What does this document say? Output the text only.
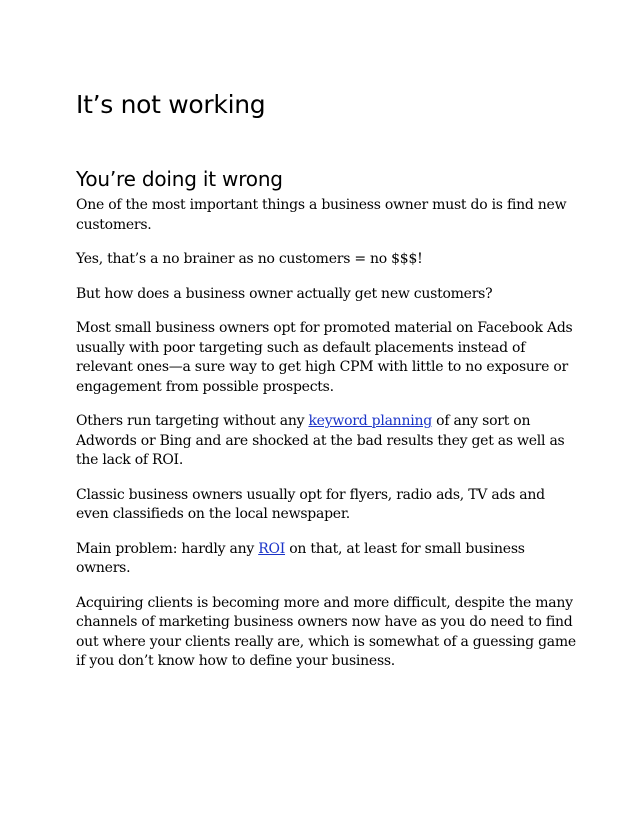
It’s not working
You’re doing it wrong

One of the most important things a business owner must do is find new customers.

Yes, that’s a no brainer as no customers = no $$$!

But how does a business owner actually get new customers?

Most small business owners opt for promoted material on Facebook Ads usually with poor targeting such as default placements instead of relevant ones—a sure way to get high CPM with little to no exposure or engagement from possible prospects.

Others run targeting without any keyword planning of any sort on Adwords or Bing and are shocked at the bad results they get as well as the lack of ROI.

Classic business owners usually opt for flyers, radio ads, TV ads and even classifieds on the local newspaper.

Main problem: hardly any ROI on that, at least for small business owners.

Acquiring clients is becoming more and more difficult, despite the many channels of marketing business owners now have as you do need to find out where your clients really are, which is somewhat of a guessing game if you don’t know how to define your business.
